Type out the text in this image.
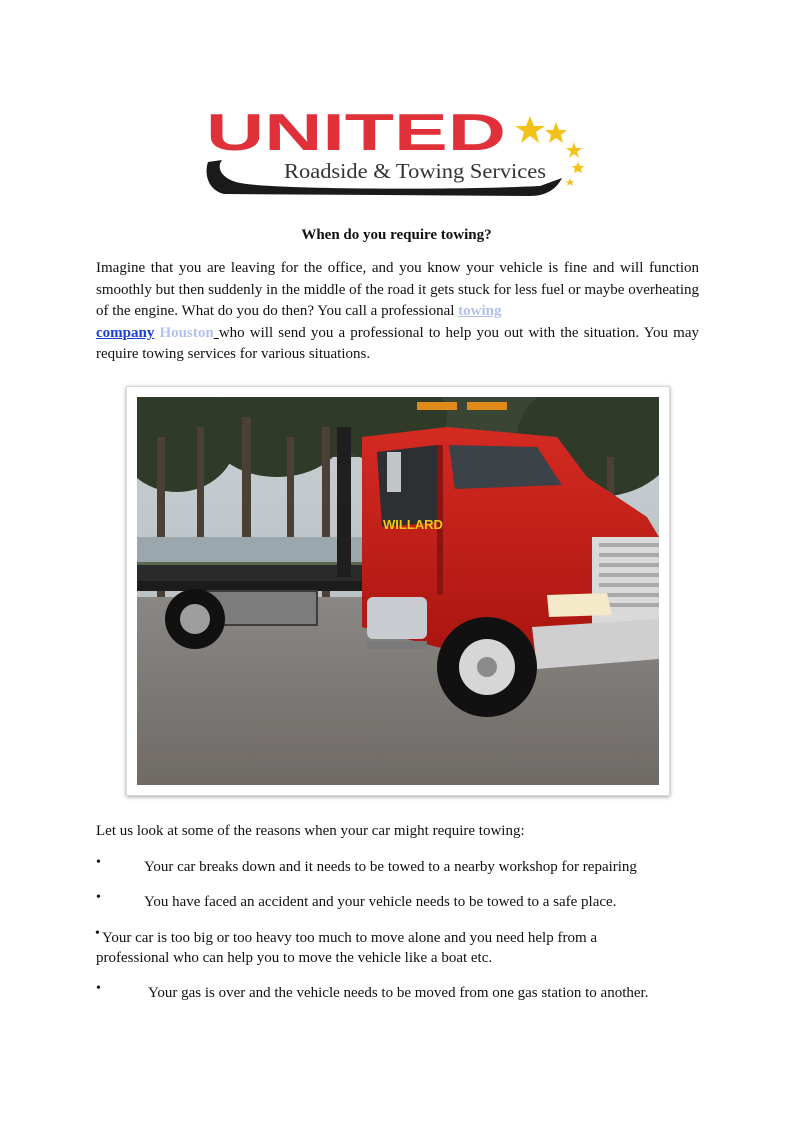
UNITED
Roadside & Towing Services
When do you require towing?

Imagine that you are leaving for the office, and you know your vehicle is fine and will function smoothly but then suddenly in the middle of the road it gets stuck for less fuel or maybe overheating of the engine. What do you do then? You call a professional towing
company Houston who will send you a professional to help you out with the situation. You may require towing services for various situations.

WILLARD

Let us look at some of the reasons when your car might require towing:

•	Your car breaks down and it needs to be towed to a nearby workshop for repairing
•	You have faced an accident and your vehicle needs to be towed to a safe place.
• Your car is too big or too heavy too much to move alone and you need help from a
professional who can help you to move the vehicle like a boat etc.
•	Your gas is over and the vehicle needs to be moved from one gas station to another.
